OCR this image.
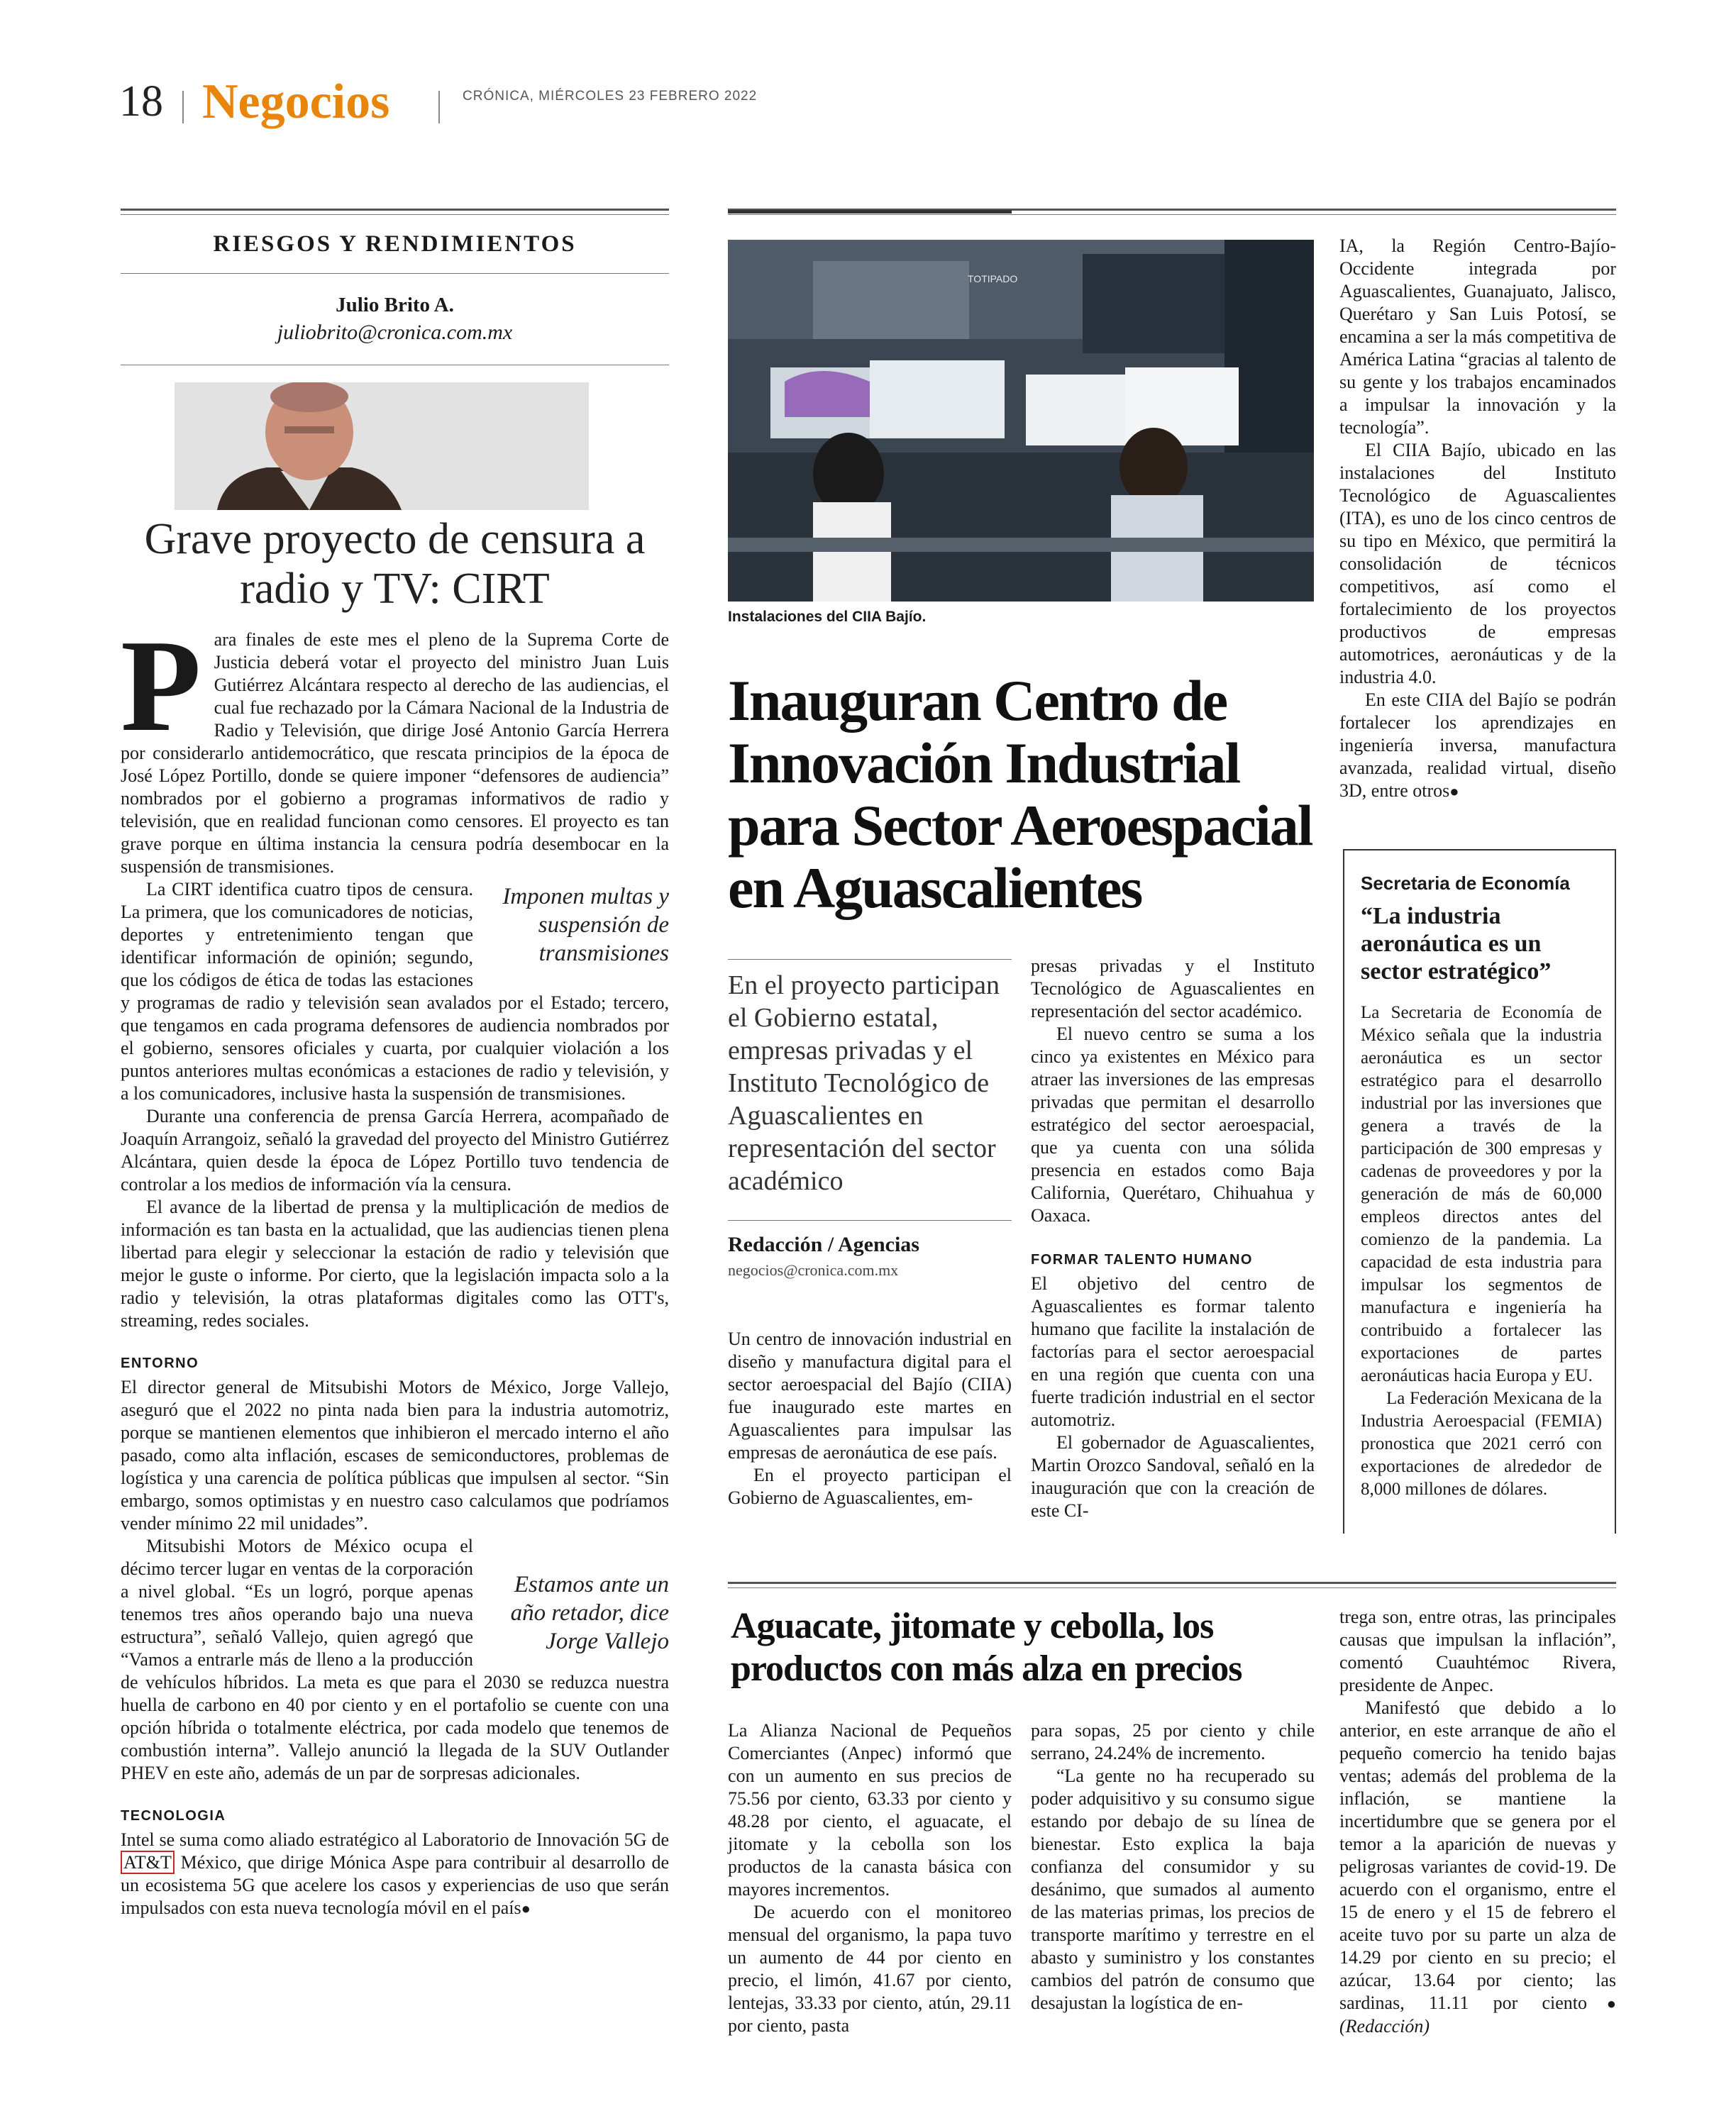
18 Negocios	CRÓNICA, MIÉRCOLES 23 FEBRERO 2022
RIESGOS Y RENDIMIENTOS
Julio Brito A.
juliobrito@cronica.com.mx
Grave proyecto de censura a radio y TV: CIRT
P ara finales de este mes el pleno de la Suprema Corte de Justicia deberá votar el proyecto del ministro Juan Luis Gutiérrez Alcántara respecto al derecho de las audiencias, el cual fue rechazado por la Cámara Nacional de la Industria de Radio y Televisión, que dirige José Antonio García Herrera por considerarlo antidemocrático, que rescata principios de la época de José López Portillo, donde se quiere imponer “defensores de audiencia” nombrados por el gobierno a programas informativos de radio y televisión, que en realidad funcionan como censores. El proyecto es tan grave porque en última instancia la censura podría desembocar en la suspensión de transmisiones.

Imponen multas y suspensión de transmisiones

La CIRT identifica cuatro tipos de censura. La primera, que los comunicadores de noticias, deportes y entretenimiento tengan que identificar información de opinión; segundo, que los códigos de ética de todas las estaciones y programas de radio y televisión sean avalados por el Estado; tercero, que tengamos en cada programa defensores de audiencia nombrados por el gobierno, sensores oficiales y cuarta, por cualquier violación a los puntos anteriores multas económicas a estaciones de radio y televisión, y a los comunicadores, inclusive hasta la suspensión de transmisiones.

Durante una conferencia de prensa García Herrera, acompañado de Joaquín Arrangoiz, señaló la gravedad del proyecto del Ministro Gutiérrez Alcántara, quien desde la época de López Portillo tuvo tendencia de controlar a los medios de información vía la censura.

El avance de la libertad de prensa y la multiplicación de medios de información es tan basta en la actualidad, que las audiencias tienen plena libertad para elegir y seleccionar la estación de radio y televisión que mejor le guste o informe. Por cierto, que la legislación impacta solo a la radio y televisión, la otras plataformas digitales como las OTT's, streaming, redes sociales.

ENTORNO

El director general de Mitsubishi Motors de México, Jorge Vallejo, aseguró que el 2022 no pinta nada bien para la industria automotriz, porque se mantienen elementos que inhibieron el mercado interno el año pasado, como alta inflación, escases de semiconductores, problemas de logística y una carencia de política públicas que impulsen al sector. “Sin embargo, somos optimistas y en nuestro caso calculamos que podríamos vender mínimo 22 mil unidades”.

Estamos ante un año retador, dice Jorge Vallejo

Mitsubishi Motors de México ocupa el décimo tercer lugar en ventas de la corporación a nivel global. “Es un logró, porque apenas tenemos tres años operando bajo una nueva estructura”, señaló Vallejo, quien agregó que “Vamos a entrarle más de lleno a la producción de vehículos híbridos. La meta es que para el 2030 se reduzca nuestra huella de carbono en 40 por ciento y en el portafolio se cuente con una opción híbrida o totalmente eléctrica, por cada modelo que tenemos de combustión interna”. Vallejo anunció la llegada de la SUV Outlander PHEV en este año, además de un par de sorpresas adicionales.

TECNOLOGIA

Intel se suma como aliado estratégico al Laboratorio de Innovación 5G de AT&T México, que dirige Mónica Aspe para contribuir al desarrollo de un ecosistema 5G que acelere los casos y experiencias de uso que serán impulsados con esta nueva tecnología móvil en el país●

TOTIPADO
Instalaciones del CIIA Bajío.
Inauguran Centro de Innovación Industrial para Sector Aeroespacial en Aguascalientes
En el proyecto participan el Gobierno estatal, empresas privadas y el Instituto Tecnológico de Aguascalientes en representación del sector académico
Redacción / Agencias
negocios@cronica.com.mx

Un centro de innovación industrial en diseño y manufactura digital para el sector aeroespacial del Bajío (CIIA) fue inaugurado este martes en Aguascalientes para impulsar las empresas de aeronáutica de ese país.

En el proyecto participan el Gobierno de Aguascalientes, em-

presas privadas y el Instituto Tecnológico de Aguascalientes en representación del sector académico.

El nuevo centro se suma a los cinco ya existentes en México para atraer las inversiones de las empresas privadas que permitan el desarrollo estratégico del sector aeroespacial, que ya cuenta con una sólida presencia en estados como Baja California, Querétaro, Chihuahua y Oaxaca.

FORMAR TALENTO HUMANO

El objetivo del centro de Aguascalientes es formar talento humano que facilite la instalación de factorías para el sector aeroespacial en una región que cuenta con una fuerte tradición industrial en el sector automotriz.

El gobernador de Aguascalientes, Martin Orozco Sandoval, señaló en la inauguración que con la creación de este CI-

IA, la Región Centro-Bajío-Occidente integrada por Aguascalientes, Guanajuato, Jalisco, Querétaro y San Luis Potosí, se encamina a ser la más competitiva de América Latina “gracias al talento de su gente y los trabajos encaminados a impulsar la innovación y la tecnología”.

El CIIA Bajío, ubicado en las instalaciones del Instituto Tecnológico de Aguascalientes (ITA), es uno de los cinco centros de su tipo en México, que permitirá la consolidación de técnicos competitivos, así como el fortalecimiento de los proyectos productivos de empresas automotrices, aeronáuticas y de la industria 4.0.

En este CIIA del Bajío se podrán fortalecer los aprendizajes en ingeniería inversa, manufactura avanzada, realidad virtual, diseño 3D, entre otros●

Secretaria de Economía
“La industria aeronáutica es un sector estratégico”

La Secretaria de Economía de México señala que la industria aeronáutica es un sector estratégico para el desarrollo industrial por las inversiones que genera a través de la participación de 300 empresas y cadenas de proveedores y por la generación de más de 60,000 empleos directos antes del comienzo de la pandemia. La capacidad de esta industria para impulsar los segmentos de manufactura e ingeniería ha contribuido a fortalecer las exportaciones de partes aeronáuticas hacia Europa y EU.

La Federación Mexicana de la Industria Aeroespacial (FEMIA) pronostica que 2021 cerró con exportaciones de alrededor de 8,000 millones de dólares.

Aguacate, jitomate y cebolla, los productos con más alza en precios

La Alianza Nacional de Pequeños Comerciantes (Anpec) informó que con un aumento en sus precios de 75.56 por ciento, 63.33 por ciento y 48.28 por ciento, el aguacate, el jitomate y la cebolla son los productos de la canasta básica con mayores incrementos.

De acuerdo con el monitoreo mensual del organismo, la papa tuvo un aumento de 44 por ciento en precio, el limón, 41.67 por ciento, lentejas, 33.33 por ciento, atún, 29.11 por ciento, pasta

para sopas, 25 por ciento y chile serrano, 24.24% de incremento.

“La gente no ha recuperado su poder adquisitivo y su consumo sigue estando por debajo de su línea de bienestar. Esto explica la baja confianza del consumidor y su desánimo, que sumados al aumento de las materias primas, los precios de transporte marítimo y terrestre en el abasto y suministro y los constantes cambios del patrón de consumo que desajustan la logística de en-

trega son, entre otras, las principales causas que impulsan la inflación”, comentó Cuauhtémoc Rivera, presidente de Anpec.

Manifestó que debido a lo anterior, en este arranque de año el pequeño comercio ha tenido bajas ventas; además del problema de la inflación, se mantiene la incertidumbre que se genera por el temor a la aparición de nuevas y peligrosas variantes de covid-19. De acuerdo con el organismo, entre el 15 de enero y el 15 de febrero el aceite tuvo por su parte un alza de 14.29 por ciento en su precio; el azúcar, 13.64 por ciento; las sardinas, 11.11 por ciento● (Redacción)
